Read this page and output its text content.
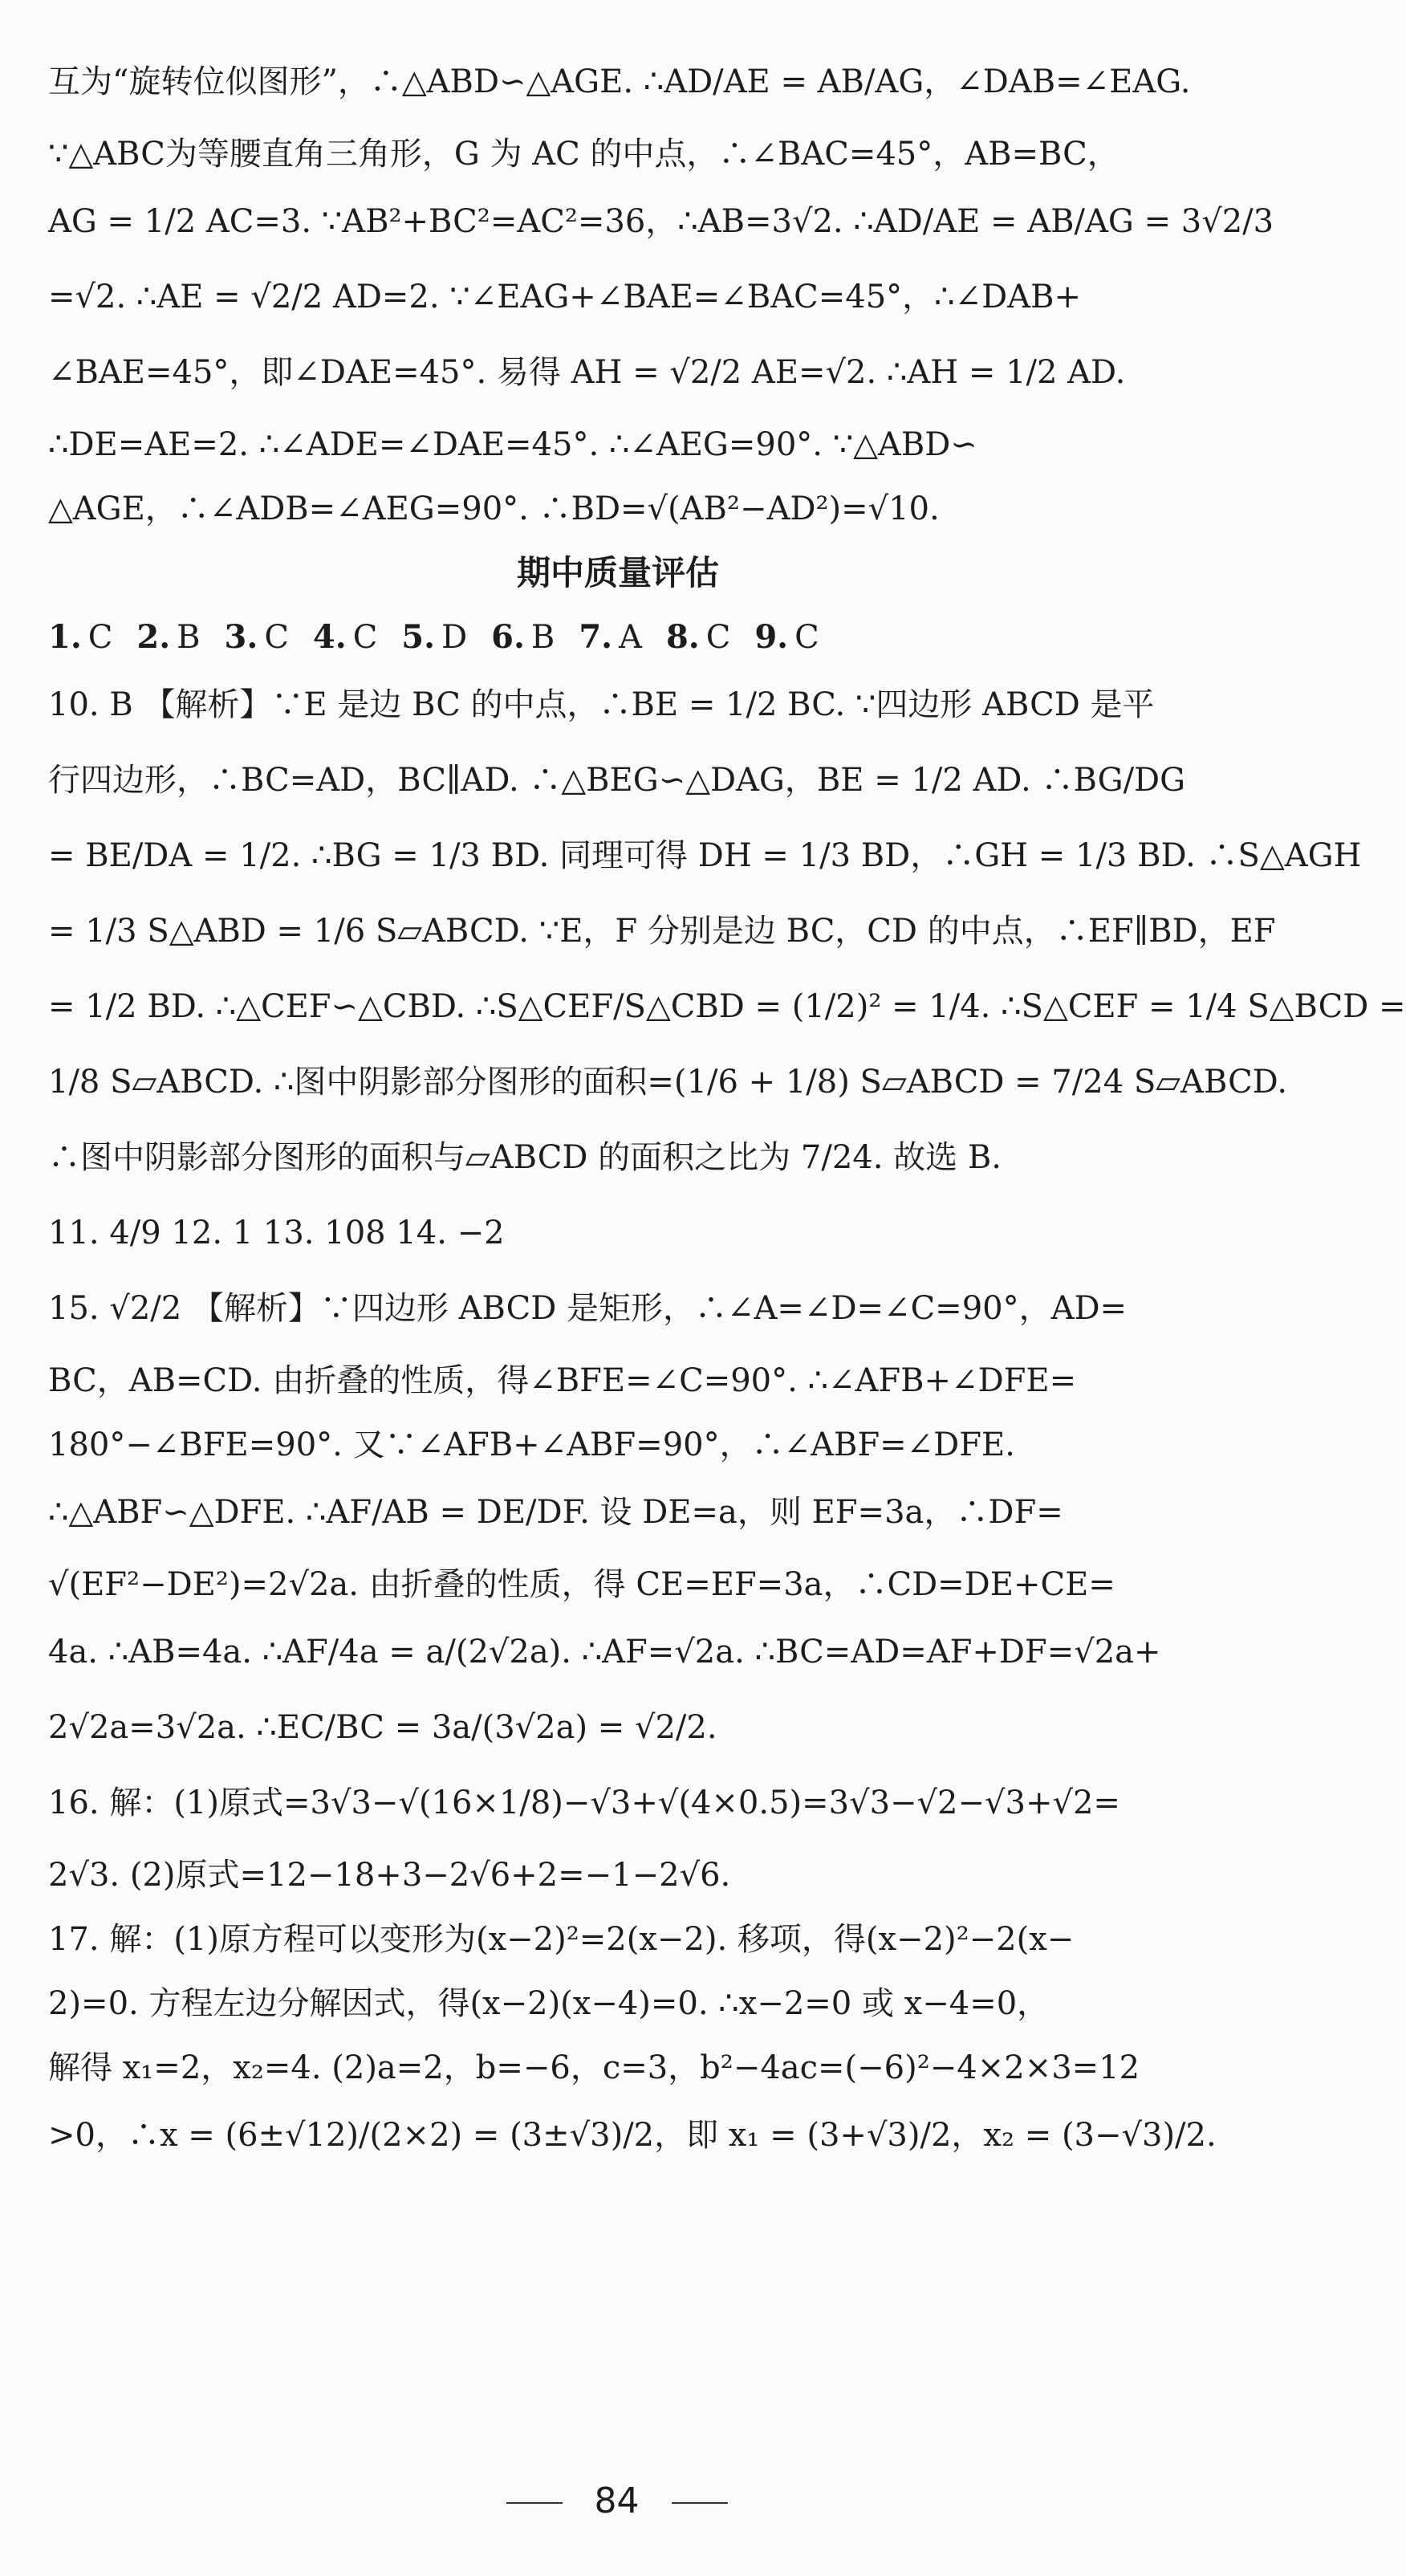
互为“旋转位似图形”，∴△ABD∽△AGE. ∴AD/AE = AB/AG，∠DAB=∠EAG.
∵△ABC为等腰直角三角形，G 为 AC 的中点，∴∠BAC=45°，AB=BC，
AG = 1/2 AC=3. ∵AB²+BC²=AC²=36，∴AB=3√2. ∴AD/AE = AB/AG = 3√2/3
=√2. ∴AE = √2/2 AD=2. ∵∠EAG+∠BAE=∠BAC=45°，∴∠DAB+
∠BAE=45°，即∠DAE=45°. 易得 AH = √2/2 AE=√2. ∴AH = 1/2 AD.
∴DE=AE=2. ∴∠ADE=∠DAE=45°. ∴∠AEG=90°. ∵△ABD∽
△AGE，∴∠ADB=∠AEG=90°. ∴BD=√(AB²−AD²)=√10.
期中质量评估
1. C 2. B 3. C 4. C 5. D 6. B 7. A 8. C 9. C
10. B 【解析】∵E 是边 BC 的中点，∴BE = 1/2 BC. ∵四边形 ABCD 是平
行四边形，∴BC=AD，BC∥AD. ∴△BEG∽△DAG，BE = 1/2 AD. ∴BG/DG
= BE/DA = 1/2. ∴BG = 1/3 BD. 同理可得 DH = 1/3 BD，∴GH = 1/3 BD. ∴S△AGH
= 1/3 S△ABD = 1/6 S▱ABCD. ∵E，F 分别是边 BC，CD 的中点，∴EF∥BD，EF
= 1/2 BD. ∴△CEF∽△CBD. ∴S△CEF/S△CBD = (1/2)² = 1/4. ∴S△CEF = 1/4 S△BCD =
1/8 S▱ABCD. ∴图中阴影部分图形的面积=(1/6 + 1/8) S▱ABCD = 7/24 S▱ABCD.
∴图中阴影部分图形的面积与▱ABCD 的面积之比为 7/24. 故选 B.
11. 4/9 12. 1 13. 108 14. −2
15. √2/2 【解析】∵四边形 ABCD 是矩形，∴∠A=∠D=∠C=90°，AD=
BC，AB=CD. 由折叠的性质，得∠BFE=∠C=90°. ∴∠AFB+∠DFE=
180°−∠BFE=90°. 又∵∠AFB+∠ABF=90°，∴∠ABF=∠DFE.
∴△ABF∽△DFE. ∴AF/AB = DE/DF. 设 DE=a，则 EF=3a，∴DF=
√(EF²−DE²)=2√2a. 由折叠的性质，得 CE=EF=3a，∴CD=DE+CE=
4a. ∴AB=4a. ∴AF/4a = a/(2√2a). ∴AF=√2a. ∴BC=AD=AF+DF=√2a+
2√2a=3√2a. ∴EC/BC = 3a/(3√2a) = √2/2.
16. 解：(1)原式=3√3−√(16×1/8)−√3+√(4×0.5)=3√3−√2−√3+√2=
2√3. (2)原式=12−18+3−2√6+2=−1−2√6.
17. 解：(1)原方程可以变形为(x−2)²=2(x−2). 移项，得(x−2)²−2(x−
2)=0. 方程左边分解因式，得(x−2)(x−4)=0. ∴x−2=0 或 x−4=0，
解得 x₁=2，x₂=4. (2)a=2，b=−6，c=3，b²−4ac=(−6)²−4×2×3=12
>0，∴x = (6±√12)/(2×2) = (3±√3)/2，即 x₁ = (3+√3)/2，x₂ = (3−√3)/2.
84
